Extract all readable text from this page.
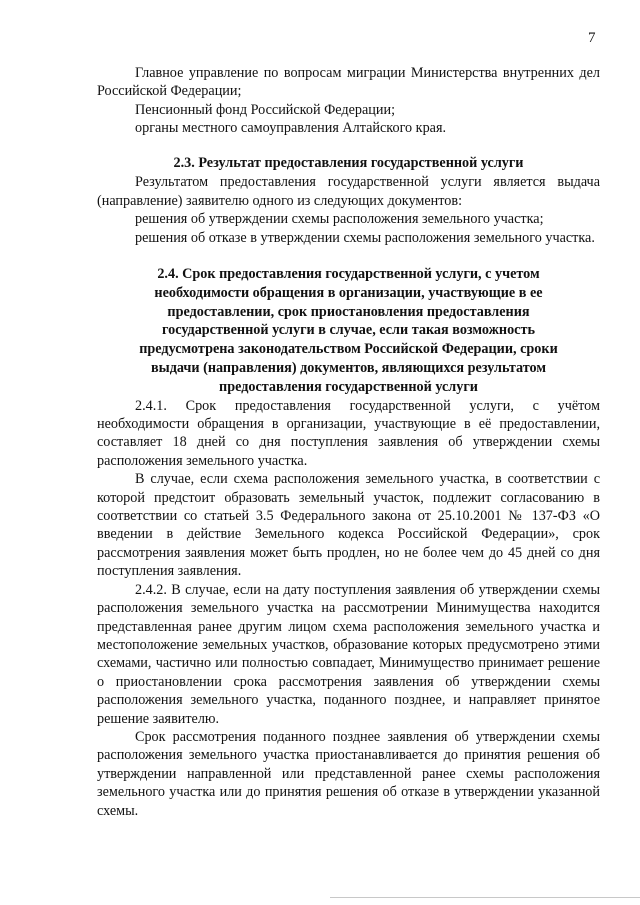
7

Главное управление по вопросам миграции Министерства внутренних дел Российской Федерации;

Пенсионный фонд Российской Федерации;

органы местного самоуправления Алтайского края.

2.3. Результат предоставления государственной услуги

Результатом предоставления государственной услуги является выдача (направление) заявителю одного из следующих документов:

решения об утверждении схемы расположения земельного участка;

решения об отказе в утверждении схемы расположения земельного участка.

2.4. Срок предоставления государственной услуги, с учетом необходимости обращения в организации, участвующие в ее предоставлении, срок приостановления предоставления государственной услуги в случае, если такая возможность предусмотрена законодательством Российской Федерации, сроки выдачи (направления) документов, являющихся результатом предоставления государственной услуги

2.4.1. Срок предоставления государственной услуги, с учётом необходимости обращения в организации, участвующие в её предоставлении, составляет 18 дней со дня поступления заявления об утверждении схемы расположения земельного участка.

В случае, если схема расположения земельного участка, в соответствии с которой предстоит образовать земельный участок, подлежит согласованию в соответствии со статьей 3.5 Федерального закона от 25.10.2001 № 137-ФЗ «О введении в действие Земельного кодекса Российской Федерации», срок рассмотрения заявления может быть продлен, но не более чем до 45 дней со дня поступления заявления.

2.4.2. В случае, если на дату поступления заявления об утверждении схемы расположения земельного участка на рассмотрении Минимущества находится представленная ранее другим лицом схема расположения земельного участка и местоположение земельных участков, образование которых предусмотрено этими схемами, частично или полностью совпадает, Минимущество принимает решение о приостановлении срока рассмотрения заявления об утверждении схемы расположения земельного участка, поданного позднее, и направляет принятое решение заявителю.

Срок рассмотрения поданного позднее заявления об утверждении схемы расположения земельного участка приостанавливается до принятия решения об утверждении направленной или представленной ранее схемы расположения земельного участка или до принятия решения об отказе в утверждении указанной схемы.
